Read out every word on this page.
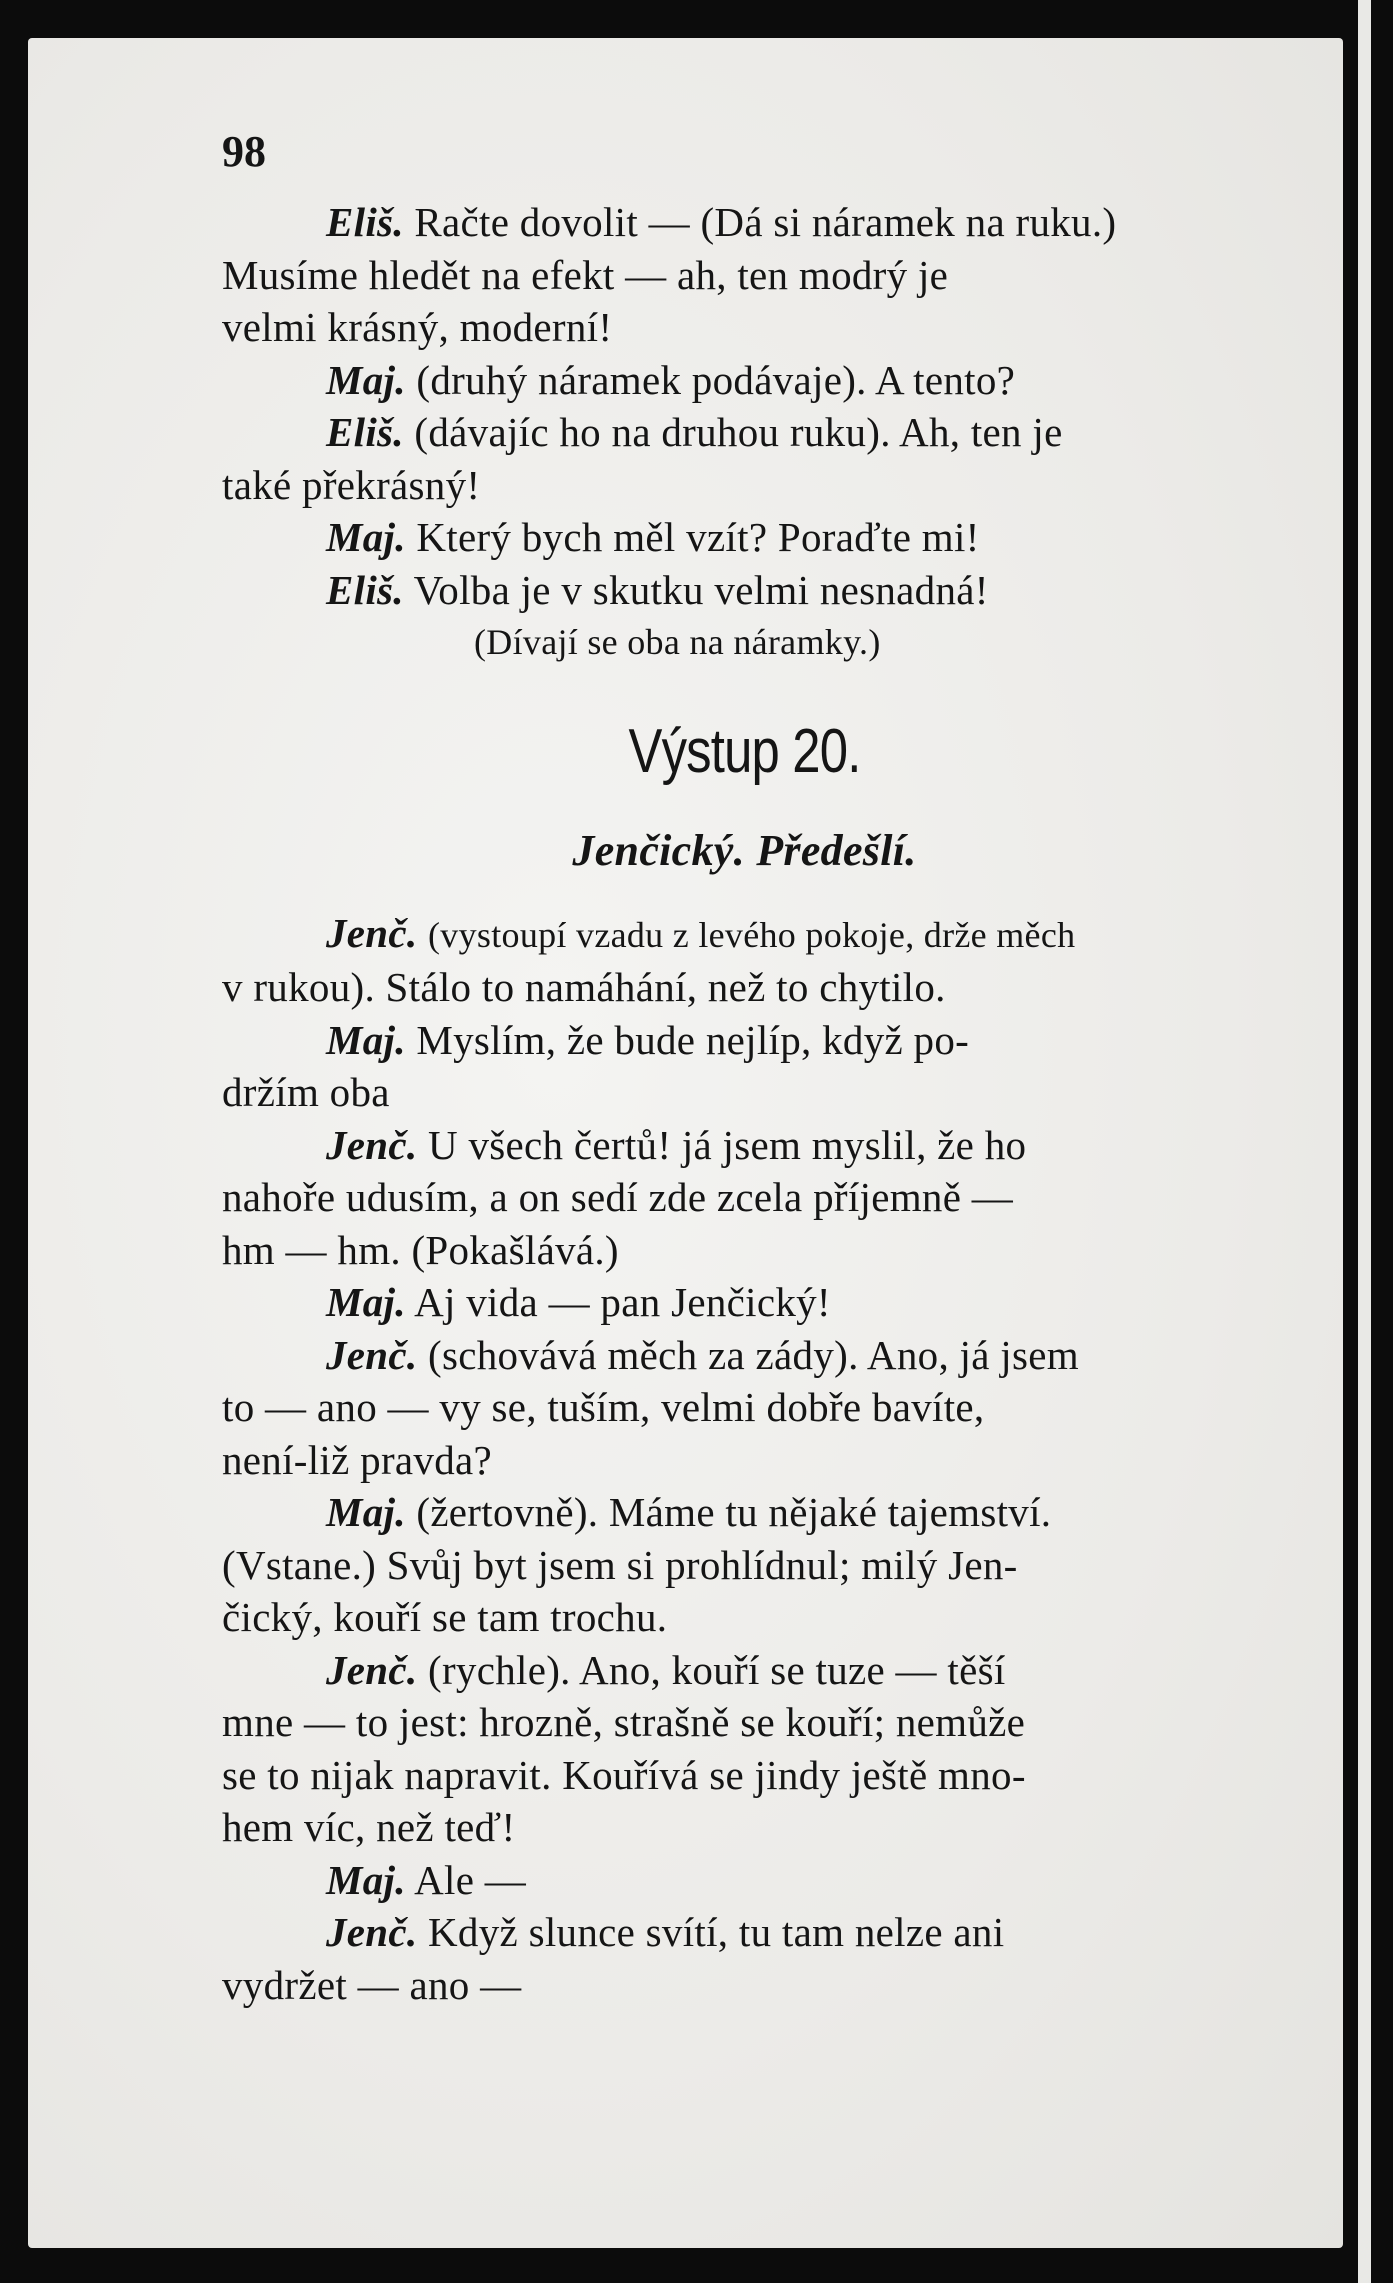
98

Eliš. Račte dovolit — (Dá si náramek na ruku.)
Musíme hledět na efekt — ah, ten modrý je
velmi krásný, moderní!

Maj. (druhý náramek podávaje). A tento?

Eliš. (dávajíc ho na druhou ruku). Ah, ten je
také překrásný!

Maj. Který bych měl vzít? Poraďte mi!

Eliš. Volba je v skutku velmi nesnadná!

(Dívají se oba na náramky.)

Výstup 20.
Jenčický. Předešlí.

Jenč. (vystoupí vzadu z levého pokoje, drže měch
v rukou). Stálo to namáhání, než to chytilo.

Maj. Myslím, že bude nejlíp, když po-
držím oba

Jenč. U všech čertů! já jsem myslil, že ho
nahoře udusím, a on sedí zde zcela příjemně —
hm — hm. (Pokašlává.)

Maj. Aj vida — pan Jenčický!

Jenč. (schovává měch za zády). Ano, já jsem
to — ano — vy se, tuším, velmi dobře bavíte,
není-liž pravda?

Maj. (žertovně). Máme tu nějaké tajemství.
(Vstane.) Svůj byt jsem si prohlídnul; milý Jen-
čický, kouří se tam trochu.

Jenč. (rychle). Ano, kouří se tuze — těší
mne — to jest: hrozně, strašně se kouří; nemůže
se to nijak napravit. Kouřívá se jindy ještě mno-
hem víc, než teď!

Maj. Ale —

Jenč. Když slunce svítí, tu tam nelze ani
vydržet — ano —
